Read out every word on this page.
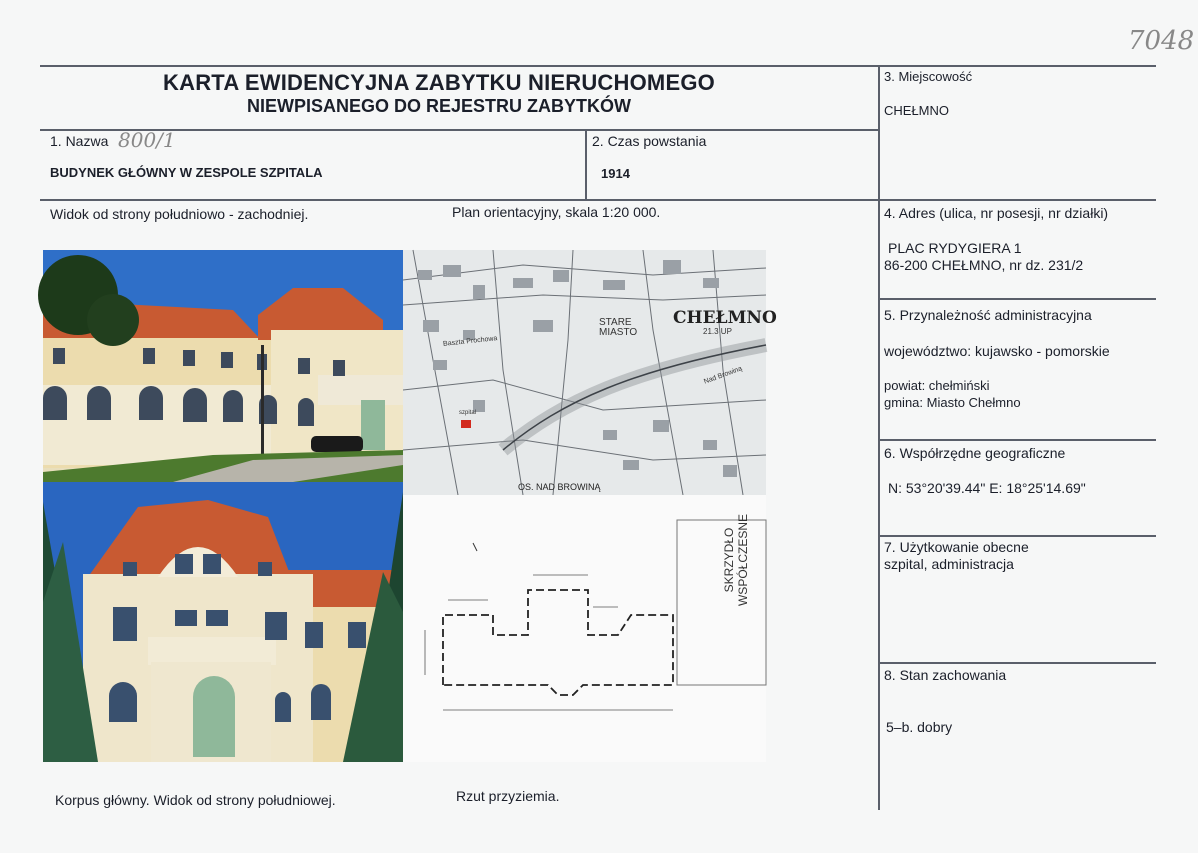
7048
KARTA EWIDENCYJNA ZABYTKU NIERUCHOMEGO
NIEWPISANEGO DO REJESTRU ZABYTKÓW
1. Nazwa 800/1
BUDYNEK GŁÓWNY W ZESPOLE SZPITALA
2. Czas powstania
1914
3. Miejscowość
CHEŁMNO
4. Adres (ulica, nr posesji, nr działki)
PLAC RYDYGIERA 1
86-200 CHEŁMNO, nr dz. 231/2
5. Przynależność administracyjna
województwo: kujawsko - pomorskie
powiat: chełmiński
gmina: Miasto Chełmno
6. Współrzędne geograficzne
N: 53°20'39.44" E: 18°25'14.69"
7. Użytkowanie obecne
szpital, administracja
8. Stan zachowania
5–b. dobry
Widok od strony południowo - zachodniej.	Plan orientacyjny, skala 1:20 000.
Korpus główny. Widok od strony południowej.	Rzut przyziemia.
CHEŁMNO
21.3 UP
STARE MIASTO
Baszta Prochowa
Nad Browiną
szpital
OS. NAD BROWINĄ
SKRZYDŁO WSPÓŁCZESNE
